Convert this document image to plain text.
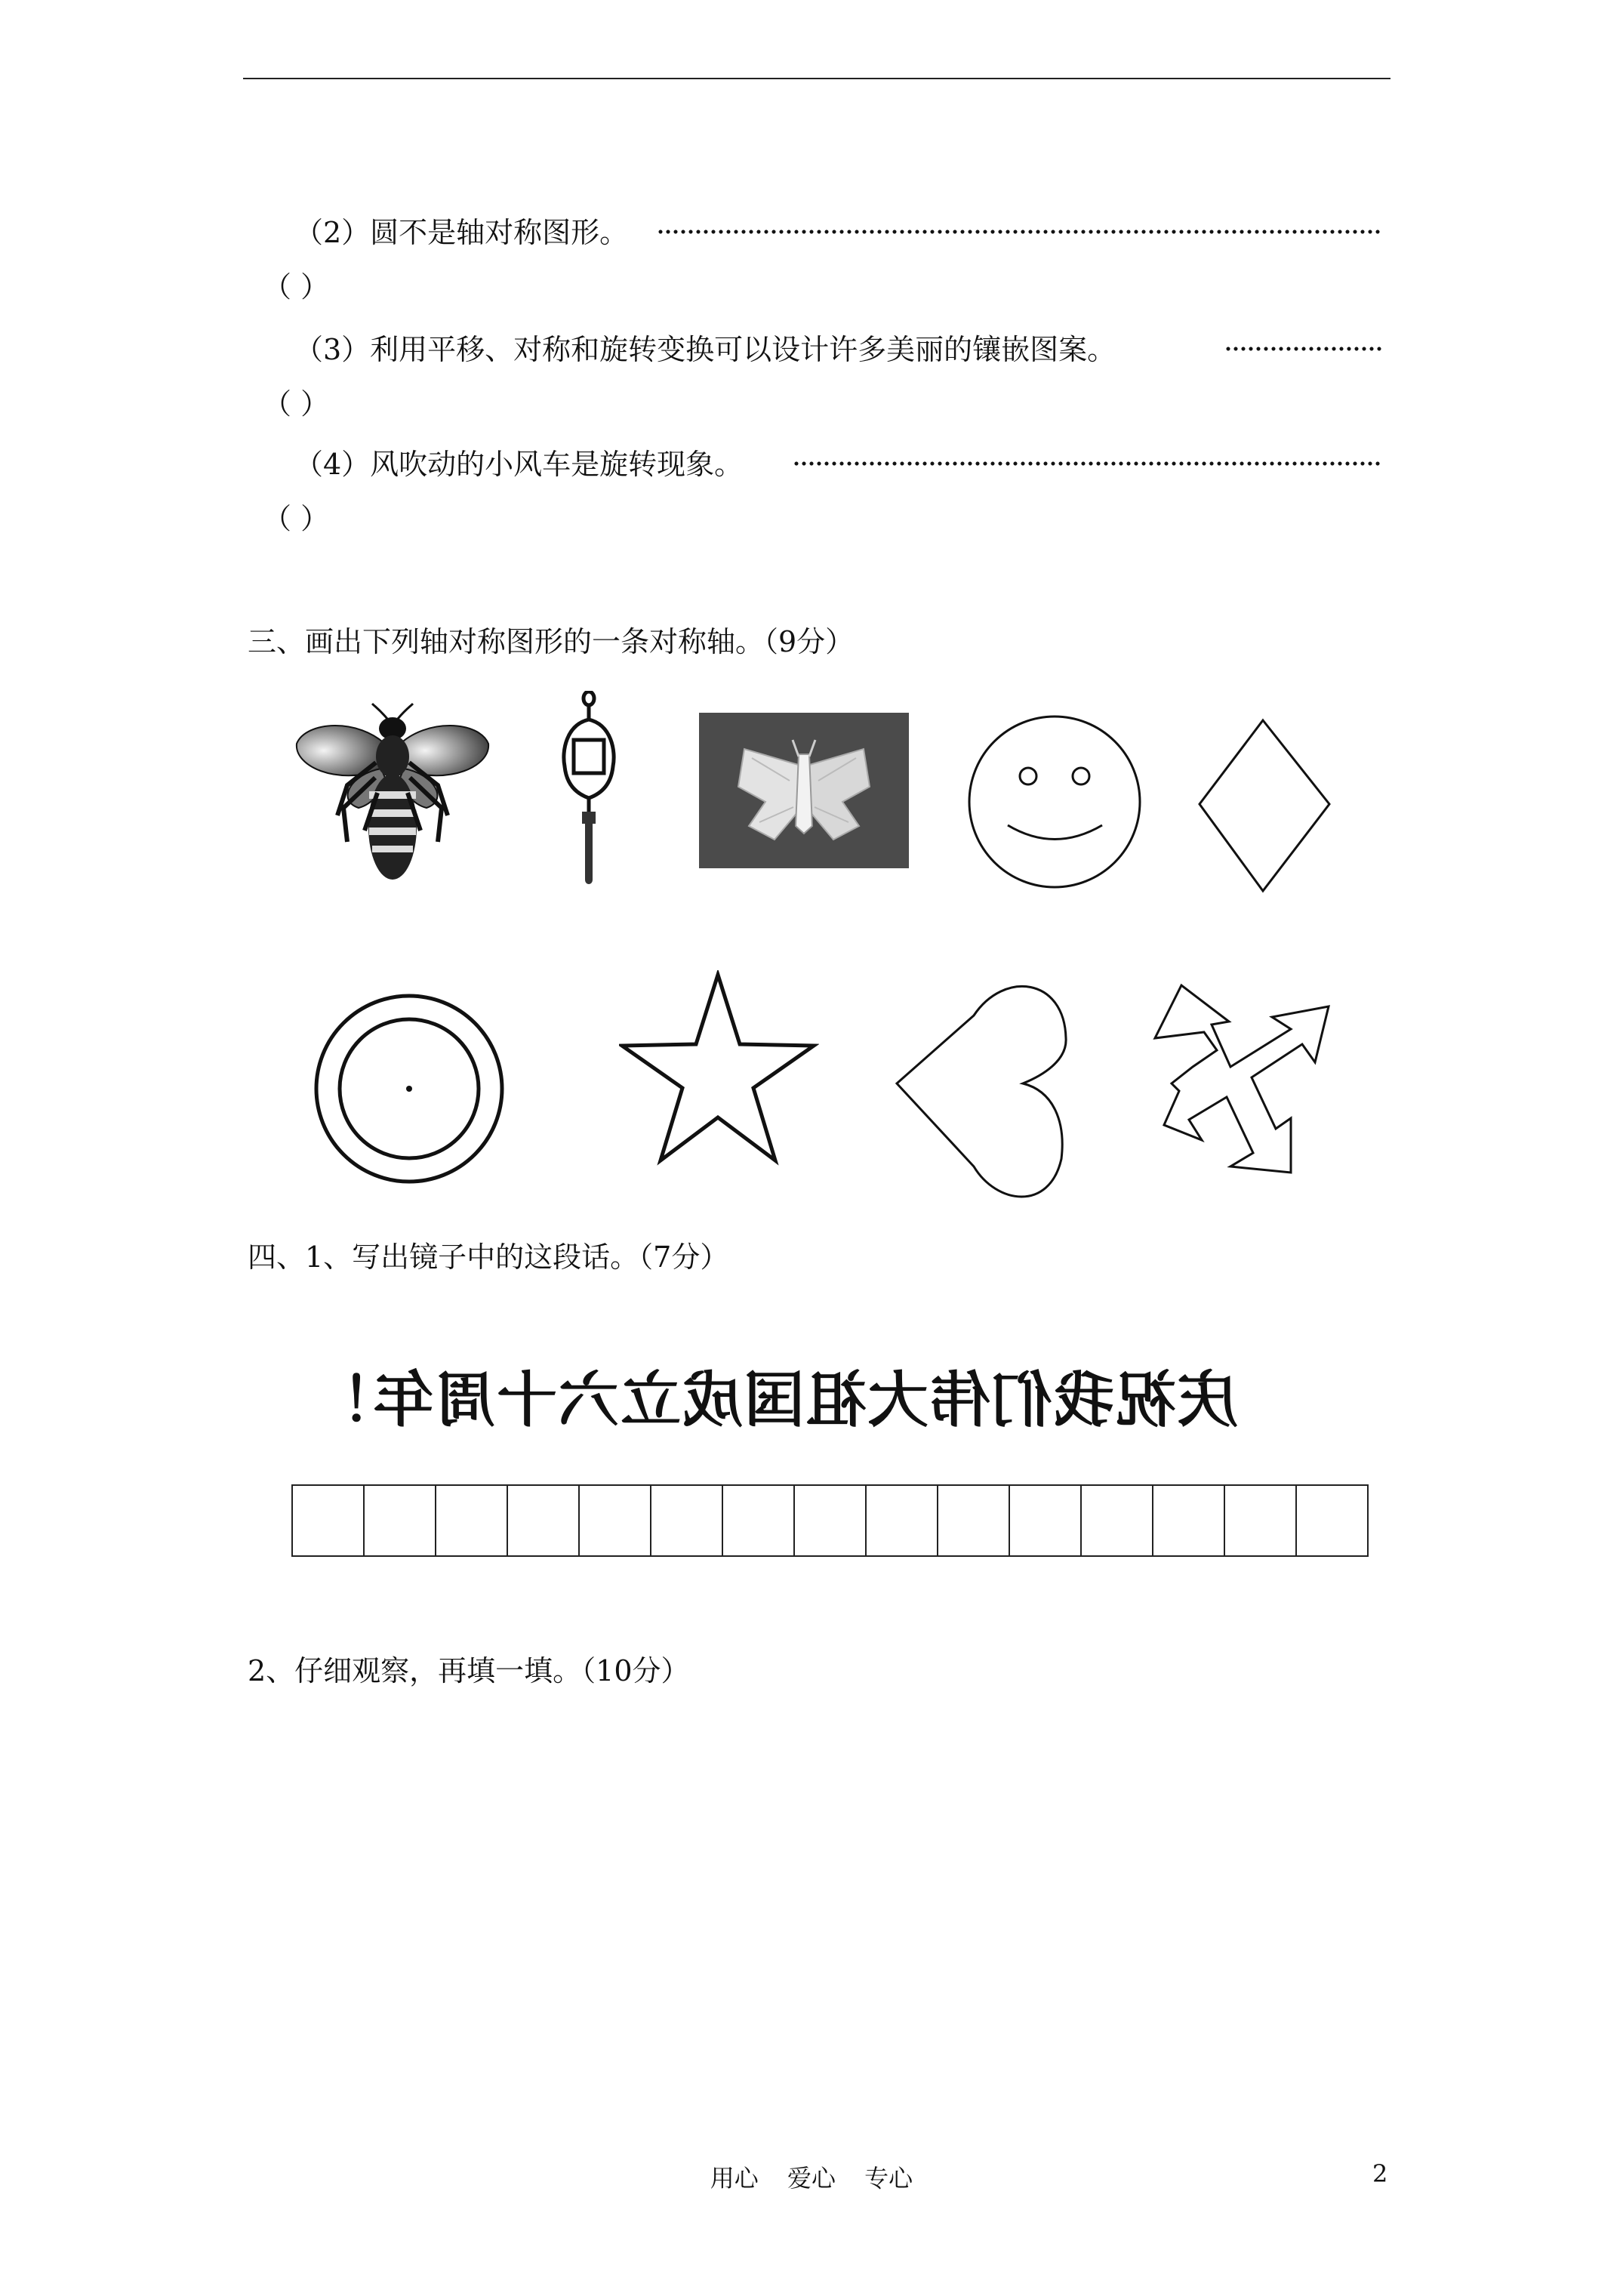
（2）圆不是轴对称图形。
（ ）
（3）利用平移、对称和旋转变换可以设计许多美丽的镶嵌图案。
（ ）
（4）风吹动的小风车是旋转现象。
（ ）
三、画出下列轴对称图形的一条对称轴。（9分）
四、1、写出镜子中的这段话。（7分）
庆祝我们伟大祖国成立六十周年！
2、仔细观察，再填一填。（10分）
用心 爱心 专心	2
